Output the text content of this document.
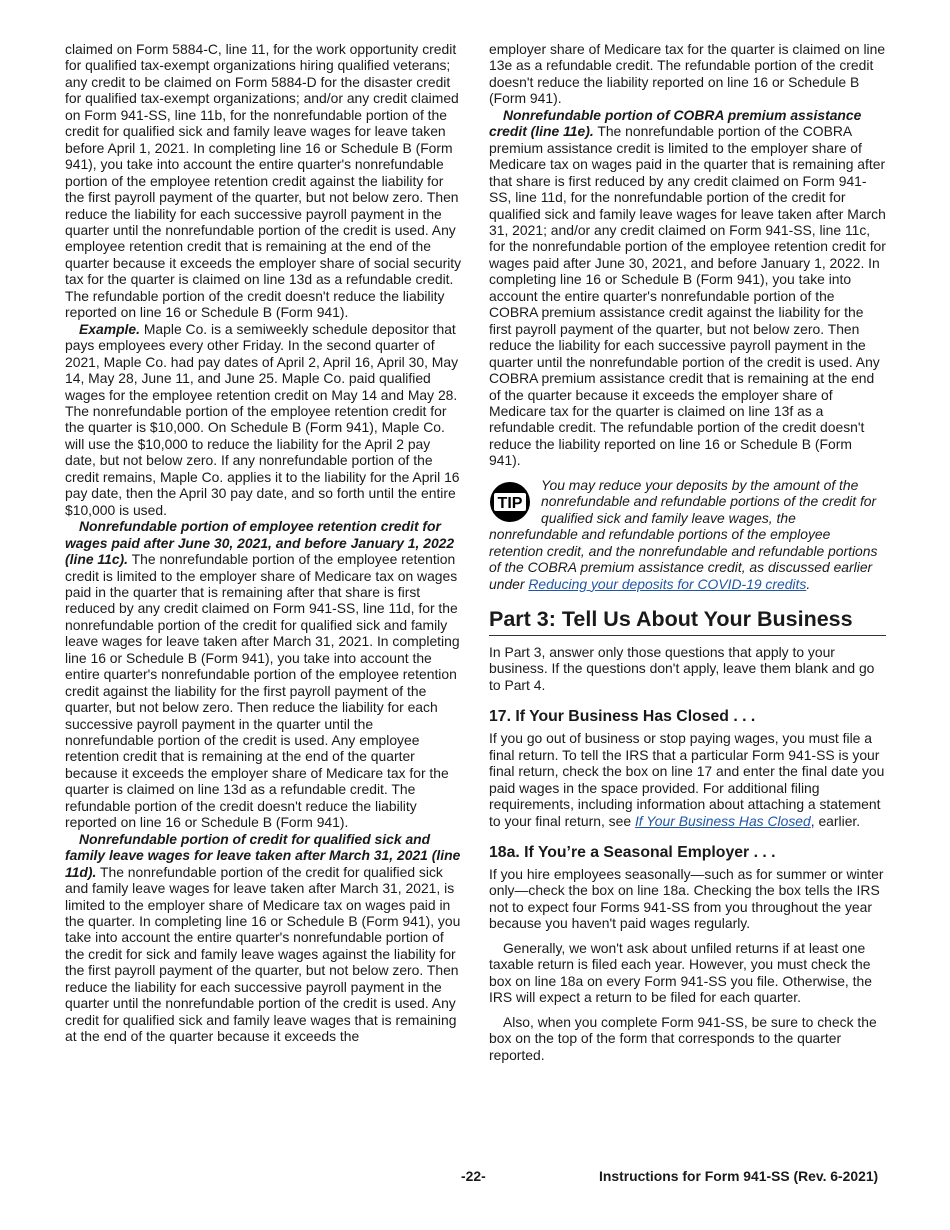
claimed on Form 5884-C, line 11, for the work opportunity credit for qualified tax-exempt organizations hiring qualified veterans; any credit to be claimed on Form 5884-D for the disaster credit for qualified tax-exempt organizations; and/or any credit claimed on Form 941-SS, line 11b, for the nonrefundable portion of the credit for qualified sick and family leave wages for leave taken before April 1, 2021. In completing line 16 or Schedule B (Form 941), you take into account the entire quarter's nonrefundable portion of the employee retention credit against the liability for the first payroll payment of the quarter, but not below zero. Then reduce the liability for each successive payroll payment in the quarter until the nonrefundable portion of the credit is used. Any employee retention credit that is remaining at the end of the quarter because it exceeds the employer share of social security tax for the quarter is claimed on line 13d as a refundable credit. The refundable portion of the credit doesn't reduce the liability reported on line 16 or Schedule B (Form 941).

Example. Maple Co. is a semiweekly schedule depositor that pays employees every other Friday. In the second quarter of 2021, Maple Co. had pay dates of April 2, April 16, April 30, May 14, May 28, June 11, and June 25. Maple Co. paid qualified wages for the employee retention credit on May 14 and May 28. The nonrefundable portion of the employee retention credit for the quarter is $10,000. On Schedule B (Form 941), Maple Co. will use the $10,000 to reduce the liability for the April 2 pay date, but not below zero. If any nonrefundable portion of the credit remains, Maple Co. applies it to the liability for the April 16 pay date, then the April 30 pay date, and so forth until the entire $10,000 is used.

Nonrefundable portion of employee retention credit for wages paid after June 30, 2021, and before January 1, 2022 (line 11c). The nonrefundable portion of the employee retention credit is limited to the employer share of Medicare tax on wages paid in the quarter that is remaining after that share is first reduced by any credit claimed on Form 941-SS, line 11d, for the nonrefundable portion of the credit for qualified sick and family leave wages for leave taken after March 31, 2021. In completing line 16 or Schedule B (Form 941), you take into account the entire quarter's nonrefundable portion of the employee retention credit against the liability for the first payroll payment of the quarter, but not below zero. Then reduce the liability for each successive payroll payment in the quarter until the nonrefundable portion of the credit is used. Any employee retention credit that is remaining at the end of the quarter because it exceeds the employer share of Medicare tax for the quarter is claimed on line 13d as a refundable credit. The refundable portion of the credit doesn't reduce the liability reported on line 16 or Schedule B (Form 941).

Nonrefundable portion of credit for qualified sick and family leave wages for leave taken after March 31, 2021 (line 11d). The nonrefundable portion of the credit for qualified sick and family leave wages for leave taken after March 31, 2021, is limited to the employer share of Medicare tax on wages paid in the quarter. In completing line 16 or Schedule B (Form 941), you take into account the entire quarter's nonrefundable portion of the credit for sick and family leave wages against the liability for the first payroll payment of the quarter, but not below zero. Then reduce the liability for each successive payroll payment in the quarter until the nonrefundable portion of the credit is used. Any credit for qualified sick and family leave wages that is remaining at the end of the quarter because it exceeds the

employer share of Medicare tax for the quarter is claimed on line 13e as a refundable credit. The refundable portion of the credit doesn't reduce the liability reported on line 16 or Schedule B (Form 941).

Nonrefundable portion of COBRA premium assistance credit (line 11e). The nonrefundable portion of the COBRA premium assistance credit is limited to the employer share of Medicare tax on wages paid in the quarter that is remaining after that share is first reduced by any credit claimed on Form 941-SS, line 11d, for the nonrefundable portion of the credit for qualified sick and family leave wages for leave taken after March 31, 2021; and/or any credit claimed on Form 941-SS, line 11c, for the nonrefundable portion of the employee retention credit for wages paid after June 30, 2021, and before January 1, 2022. In completing line 16 or Schedule B (Form 941), you take into account the entire quarter's nonrefundable portion of the COBRA premium assistance credit against the liability for the first payroll payment of the quarter, but not below zero. Then reduce the liability for each successive payroll payment in the quarter until the nonrefundable portion of the credit is used. Any COBRA premium assistance credit that is remaining at the end of the quarter because it exceeds the employer share of Medicare tax for the quarter is claimed on line 13f as a refundable credit. The refundable portion of the credit doesn't reduce the liability reported on line 16 or Schedule B (Form 941).

TIP

You may reduce your deposits by the amount of the nonrefundable and refundable portions of the credit for qualified sick and family leave wages, the nonrefundable and refundable portions of the employee retention credit, and the nonrefundable and refundable portions of the COBRA premium assistance credit, as discussed earlier under Reducing your deposits for COVID-19 credits.

Part 3: Tell Us About Your Business

In Part 3, answer only those questions that apply to your business. If the questions don't apply, leave them blank and go to Part 4.

17. If Your Business Has Closed . . .

If you go out of business or stop paying wages, you must file a final return. To tell the IRS that a particular Form 941-SS is your final return, check the box on line 17 and enter the final date you paid wages in the space provided. For additional filing requirements, including information about attaching a statement to your final return, see If Your Business Has Closed, earlier.

18a. If You’re a Seasonal Employer . . .

If you hire employees seasonally—such as for summer or winter only—check the box on line 18a. Checking the box tells the IRS not to expect four Forms 941-SS from you throughout the year because you haven't paid wages regularly.

Generally, we won't ask about unfiled returns if at least one taxable return is filed each year. However, you must check the box on line 18a on every Form 941-SS you file. Otherwise, the IRS will expect a return to be filed for each quarter.

Also, when you complete Form 941-SS, be sure to check the box on the top of the form that corresponds to the quarter reported.

-22-	Instructions for Form 941-SS (Rev. 6-2021)
